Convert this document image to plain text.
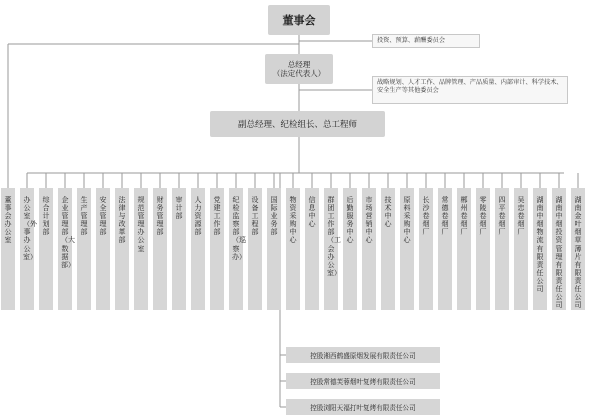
董事会
投资、预算、薪酬委员会
总经理
（法定代表人）
战略规划、人才工作、品牌管理、产品质量、内部审计、科学技术、安全生产等其他委员会
副总经理、纪检组长、总工程师
董事会办公室
办公室（外事办公室）
综合计划部
企业管理部（大数据部）
生产管理部
安全管理部
法律与改革部
规范管理办公室
财务管理部
审计部
人力资源部
党建工作部
纪检监察部（巡察办）
设备工程部
国际业务部
物资采购中心
信息中心
群团工作部（工会办公室）
后勤服务中心
市场营销中心
技术中心
原料采购中心
长沙卷烟厂
常德卷烟厂
郴州卷烟厂
零陵卷烟厂
四平卷烟厂
吴忠卷烟厂
湖南中烟物流有限责任公司
湖南中烟投资管理有限责任公司
湖南金叶烟草薄片有限责任公司
控股湘西鹤盛原烟发展有限责任公司
控股常德芙蓉烟叶复烤有限责任公司
控股浏阳天福打叶复烤有限责任公司
